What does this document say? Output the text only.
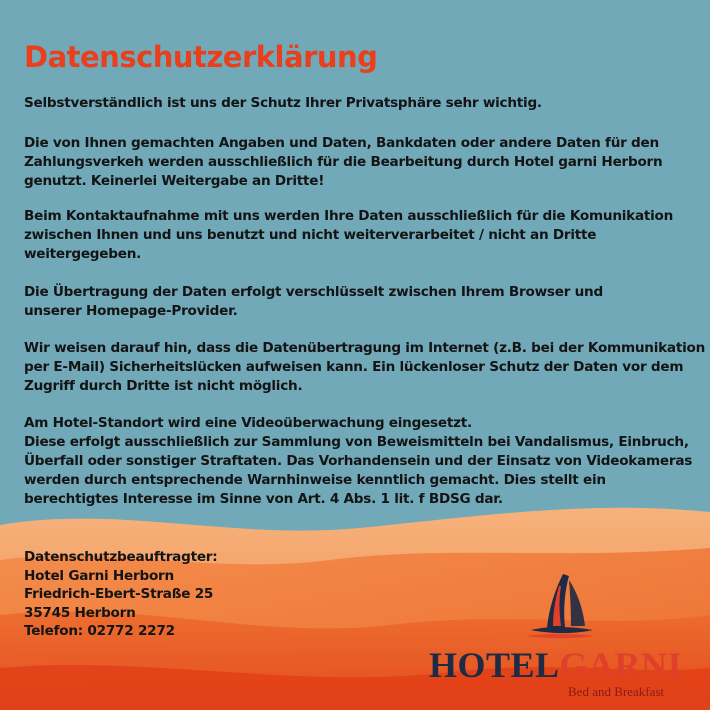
Datenschutzerklärung

Selbstverständlich ist uns der Schutz Ihrer Privatsphäre sehr wichtig.

Die von Ihnen gemachten Angaben und Daten, Bankdaten oder andere Daten für den
Zahlungsverkeh werden ausschließlich für die Bearbeitung durch Hotel garni Herborn
genutzt. Keinerlei Weitergabe an Dritte!

Beim Kontaktaufnahme mit uns werden Ihre Daten ausschließlich für die Komunikation
zwischen Ihnen und uns benutzt und nicht weiterverarbeitet / nicht an Dritte
weitergegeben.

Die Übertragung der Daten erfolgt verschlüsselt zwischen Ihrem Browser und
unserer Homepage-Provider.

Wir weisen darauf hin, dass die Datenübertragung im Internet (z.B. bei der Kommunikation
per E-Mail) Sicherheitslücken aufweisen kann. Ein lückenloser Schutz der Daten vor dem
Zugriff durch Dritte ist nicht möglich.

Am Hotel-Standort wird eine Videoüberwachung eingesetzt.
Diese erfolgt ausschließlich zur Sammlung von Beweismitteln bei Vandalismus, Einbruch,
Überfall oder sonstiger Straftaten. Das Vorhandensein und der Einsatz von Videokameras
werden durch entsprechende Warnhinweise kenntlich gemacht. Dies stellt ein
berechtigtes Interesse im Sinne von Art. 4 Abs. 1 lit. f BDSG dar.

Datenschutzbeauftragter:
Hotel Garni Herborn
Friedrich-Ebert-Straße 25
35745 Herborn
Telefon: 02772 2272

HOTELGARNI
Bed and Breakfast
